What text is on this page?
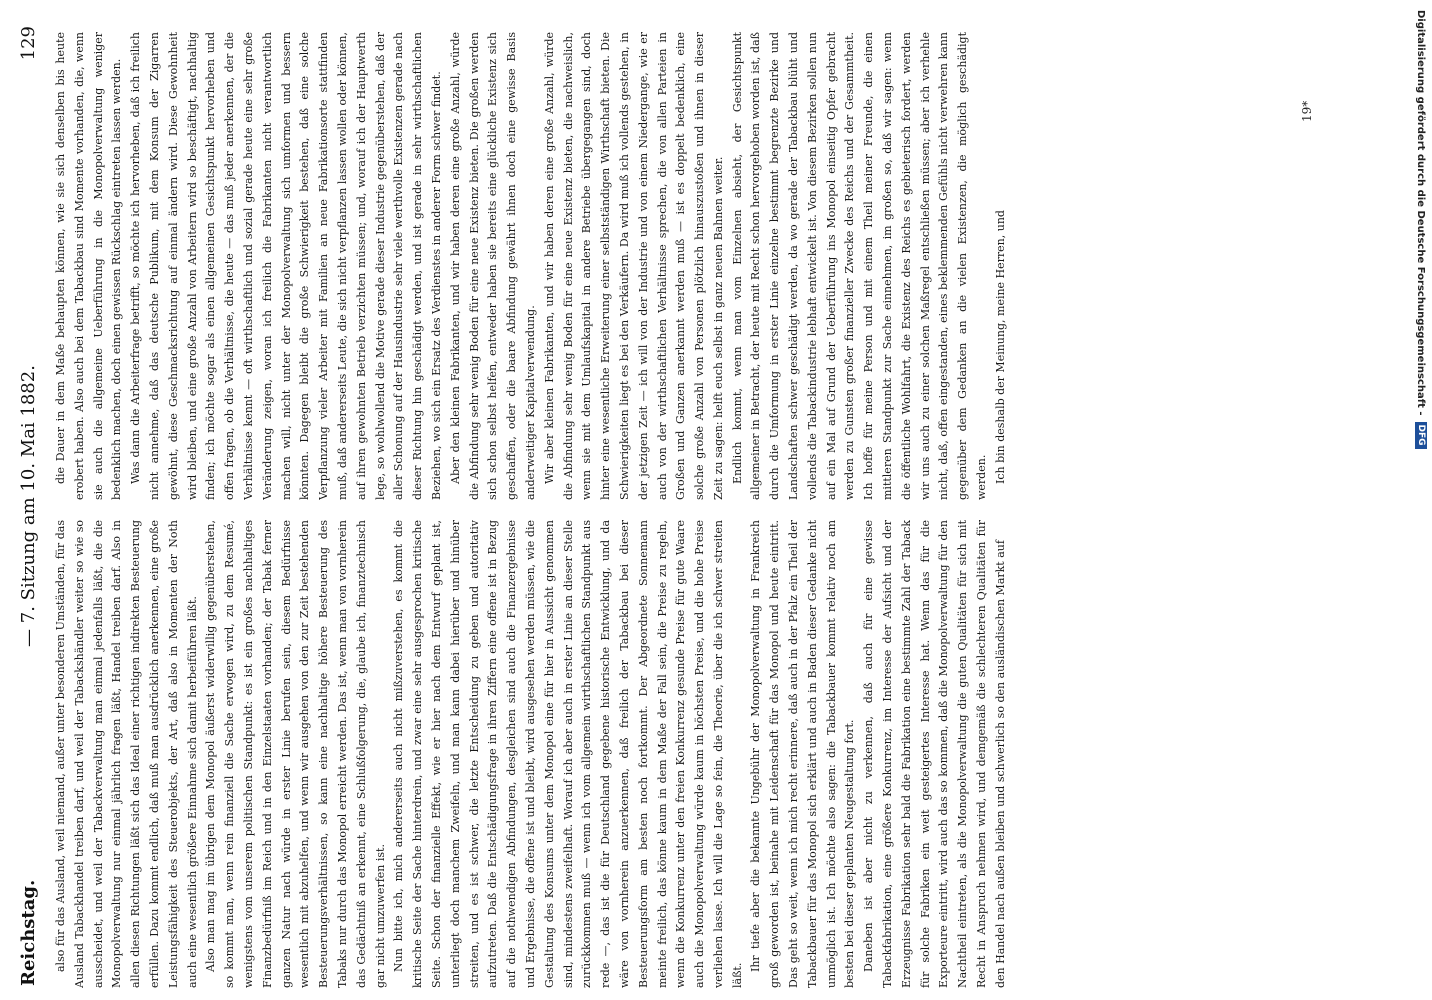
Reichstag.
— 7. Sitzung am 10. Mai 1882.
129

also für das Ausland, weil niemand, außer unter besonderen Umständen, für das Ausland Tabackhandel treiben darf, und weil der Tabackshändler weiter so wie so ausscheidet, und weil der Tabackverwaltung man einmal jedenfalls läßt, die die Monopolverwaltung nur einmal jährlich fragen läßt, Handel treiben darf. Also in allen diesen Richtungen läßt sich das Ideal einer richtigen indirekten Besteuerung erfüllen. Dazu kommt endlich, daß muß man ausdrücklich anerkennen, eine große Leistungsfähigkeit des Steuerobjekts, der Art, daß also in Momenten der Noth auch eine wesentlich größere Einnahme sich damit herbeiführen läßt. Also man mag im übrigen dem Monopol äußerst widerwillig gegenüberstehen, so kommt man, wenn rein finanziell die Sache erwogen wird, zu dem Resumé, wenigstens vom unserem politischen Standpunkt: es ist ein großes nachhaltiges Finanzbedürfniß im Reich und in den Einzelstaaten vorhanden; der Tabak ferner ganzen Natur nach würde in erster Linie berufen sein, diesem Bedürfnisse wesentlich mit abzuhelfen, und wenn wir ausgehen von den zur Zeit bestehenden Besteuerungsverhältnissen, so kann eine nachhaltige höhere Besteuerung des Tabaks nur durch das Monopol erreicht werden. Das ist, wenn man von vornherein das Gedächtniß an erkennt, eine Schlußfolgerung, die, glaube ich, finanztechnisch gar nicht umzuwerfen ist. Nun bitte ich, mich andererseits auch nicht mißzuverstehen, es kommt die kritische Seite der Sache hinterdrein, und zwar eine sehr ausgesprochen kritische Seite. Schon der finanzielle Effekt, wie er hier nach dem Entwurf geplant ist, unterliegt doch manchem Zweifeln, und man kann dabei hierüber und hinüber streiten, und es ist schwer, die letzte Entscheidung zu geben und autoritativ aufzutreten. Daß die Entschädigungsfrage in ihren Ziffern eine offene ist in Bezug auf die nothwendigen Abfindungen, desgleichen sind auch die Finanzergebnisse und Ergebnisse, die offene ist und bleibt, wird ausgesehen werden müssen, wie die Gestaltung des Konsums unter dem Monopol eine für hier in Aussicht genommen sind, mindestens zweifelhaft. Worauf ich aber auch in erster Linie an dieser Stelle zurückkommen muß — wenn ich vom allgemein wirthschaftlichen Standpunkt aus rede —, das ist die für Deutschland gegebene historische Entwicklung, und da wäre von vornherein anzuerkennen, daß freilich der Tabackbau bei dieser Besteuerungsform am besten noch fortkommt. Der Abgeordnete Sonnemann meinte freilich, das könne kaum in dem Maße der Fall sein, die Preise zu regeln, wenn die Konkurrenz unter den freien Konkurrenz gesunde Preise für gute Waare auch die Monopolverwaltung würde kaum in höchsten Preise, und die hohe Preise verliehen lasse. Ich will die Lage so fein, die Theorie, über die ich schwer streiten läßt.

Ihr tiefe aber die bekannte Ungebühr der Monopolverwaltung in Frankreich groß geworden ist, beinahe mit Leidenschaft für das Monopol und heute eintritt. Das geht so weit, wenn ich mich recht erinnere, daß auch in der Pfalz ein Theil der Tabackbauer für das Monopol sich erklärt und auch in Baden dieser Gedanke nicht unmöglich ist. Ich möchte also sagen: die Tabackbauer kommt relativ noch am besten bei dieser geplanten Neugestaltung fort. Daneben ist aber nicht zu verkennen, daß auch für eine gewisse Tabackfabrikation, eine größere Konkurrenz, im Interesse der Aufsicht und der Erzeugnisse Fabrikation sehr bald die Fabrikation eine bestimmte Zahl der Taback für solche Fabriken ein weit gesteigertes Interesse hat. Wenn das für die Exporteure eintritt, wird auch das so kommen, daß die Monopolverwaltung für den Nachtheil eintreten, als die Monopolverwaltung die guten Qualitäten für sich mit Recht in Anspruch nehmen wird, und demgemäß die schlechteren Qualitäten für den Handel nach außen bleiben und schwerlich so den ausländischen Markt auf

die Dauer in dem Maße behaupten können, wie sie sich denselben bis heute erobert haben. Also auch bei dem Tabackbau sind Momente vorhanden, die, wenn sie auch die allgemeine Ueberführung in die Monopolverwaltung weniger bedenklich machen, doch einen gewissen Rückschlag eintreten lassen werden. Was dann die Arbeiterfrage betrifft, so möchte ich hervorheben, daß ich freilich nicht annehme, daß das deutsche Publikum, mit dem Konsum der Zigarren gewöhnt, diese Geschmacksrichtung auf einmal ändern wird. Diese Gewohnheit wird bleiben, und eine große Anzahl von Arbeitern wird so beschäftigt, nachhaltig finden; ich möchte sogar als einen allgemeinen Gesichtspunkt hervorheben und offen fragen, ob die Verhältnisse, die heute — das muß jeder anerkennen, der die Verhältnisse kennt — oft wirthschaftlich und sozial gerade heute eine sehr große Veränderung zeigen, woran ich freilich die Fabrikanten nicht verantwortlich machen will, nicht unter der Monopolverwaltung sich umformen und bessern könnten. Dagegen bleibt die große Schwierigkeit bestehen, daß eine solche Verpflanzung vieler Arbeiter mit Familien an neue Fabrikationsorte stattfinden muß, daß andererseits Leute, die sich nicht verpflanzen lassen wollen oder können, auf ihren gewohnten Betrieb verzichten müssen; und, worauf ich der Hauptwerth lege, so wohlwollend die Motive gerade dieser Industrie gegenüberstehen, daß der aller Schonung auf der Hausindustrie sehr viele werthvolle Existenzen gerade nach dieser Richtung hin geschädigt werden, und ist gerade in sehr wirthschaftlichen Beziehen, wo sich ein Ersatz des Verdienstes in anderer Form schwer findet. Aber den kleinen Fabrikanten, und wir haben deren eine große Anzahl, würde die Abfindung sehr wenig Boden für eine neue Existenz bieten. Die großen werden sich schon selbst helfen, entweder haben sie bereits eine glückliche Existenz sich geschaffen, oder die baare Abfindung gewährt ihnen doch eine gewisse Basis anderweitiger Kapitalverwendung. Wir aber kleinen Fabrikanten, und wir haben deren eine große Anzahl, würde die Abfindung sehr wenig Boden für eine neue Existenz bieten, die nachweislich, wenn sie mit dem Umlaufskapital in andere Betriebe übergegangen sind, doch hinter eine wesentliche Erweiterung einer selbstständigen Wirthschaft bieten. Die Schwierigkeiten liegt es bei den Verkäufern. Da wird muß ich vollends gestehen, in der jetzigen Zeit — ich will von der Industrie und von einem Niedergange, wie er auch von der wirthschaftlichen Verhältnisse sprechen, die von allen Parteien in Großen und Ganzen anerkannt werden muß — ist es doppelt bedenklich, eine solche große Anzahl von Personen plötzlich hinauszustoßen und ihnen in dieser Zeit zu sagen: helft euch selbst in ganz neuen Bahnen weiter. Endlich kommt, wenn man vom Einzelnen absieht, der Gesichtspunkt allgemeiner in Betracht, der heute mit Recht schon hervorgehoben worden ist, daß durch die Umformung in erster Linie einzelne bestimmt begrenzte Bezirke und Landschaften schwer geschädigt werden, da wo gerade der Tabackbau blüht und vollends die Tabackindustrie lebhaft entwickelt ist. Von diesem Bezirken sollen nun auf ein Mal auf Grund der Ueberführung ins Monopol einseitig Opfer gebracht werden zu Gunsten großer finanzieller Zwecke des Reichs und der Gesammtheit. Ich hoffe für meine Person und mit einem Theil meiner Freunde, die einen mittleren Standpunkt zur Sache einnehmen, im großen so, daß wir sagen: wenn die öffentliche Wohlfahrt, die Existenz des Reichs es gebieterisch fordert, werden wir uns auch zu einer solchen Maßregel entschließen müssen; aber ich verhehle nicht, daß, offen eingestanden, eines beklemmenden Gefühls nicht verwehren kann gegenüber dem Gedanken an die vielen Existenzen, die möglich geschädigt werden. Ich bin deshalb der Meinung, meine Herren, und

19*	Digitalisierung gefördert durch die Deutsche Forschungsgemeinschaft -DFG
